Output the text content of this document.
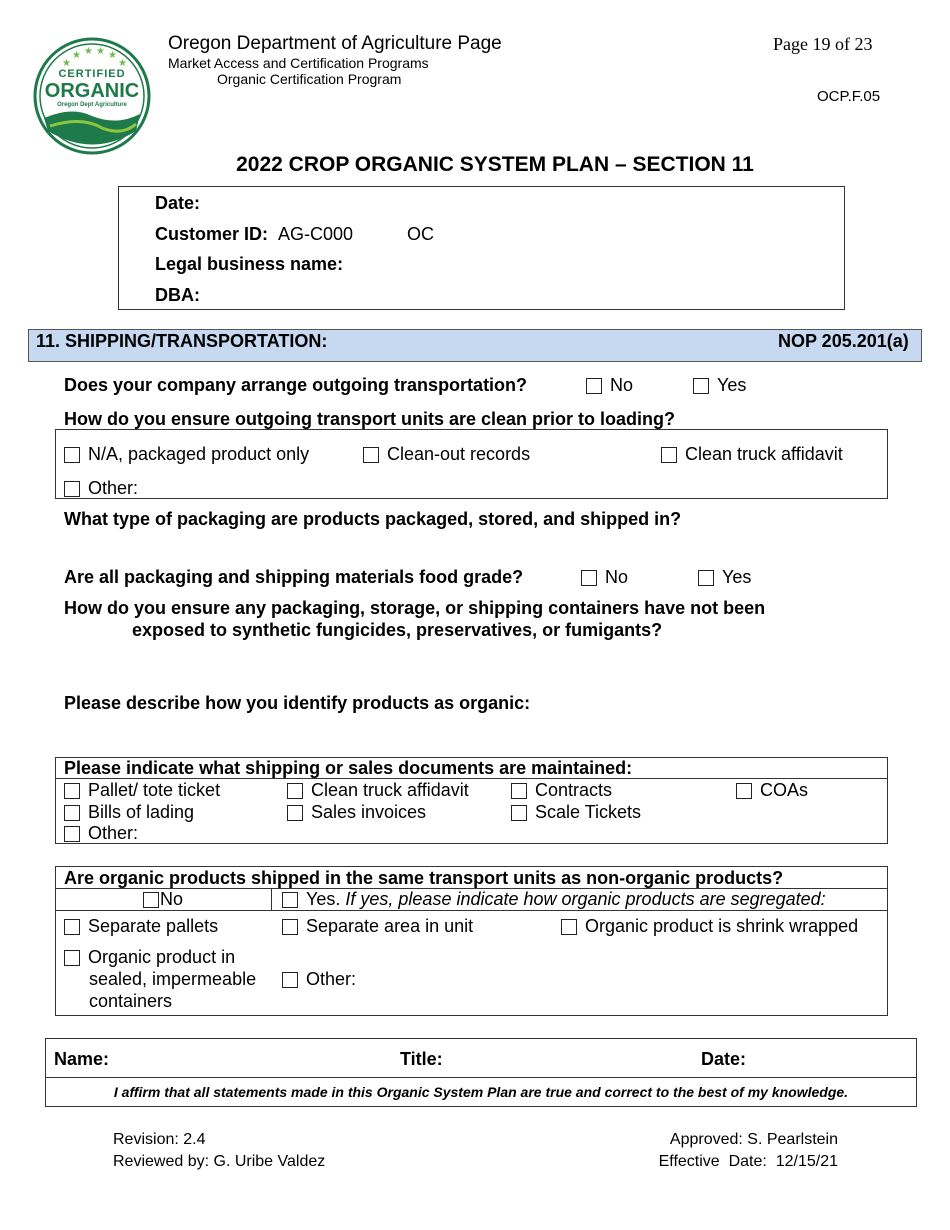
★ ★ ★ ★
★	★
CERTIFIED
ORGANIC
Oregon Dept Agriculture
Oregon Department of Agriculture Page
Market Access and Certification Programs
Organic Certification Program
Page 19 of 23
OCP.F.05
2022 CROP ORGANIC SYSTEM PLAN – SECTION 11
Date:
Customer ID: AG-C000	OC
Legal business name:
DBA:
11. SHIPPING/TRANSPORTATION:	NOP 205.201(a)
Does your company arrange outgoing transportation?	No	Yes
How do you ensure outgoing transport units are clean prior to loading?
N/A, packaged product only	Clean-out records	Clean truck affidavit
Other:
What type of packaging are products packaged, stored, and shipped in?
Are all packaging and shipping materials food grade?	No	Yes
How do you ensure any packaging, storage, or shipping containers have not been
exposed to synthetic fungicides, preservatives, or fumigants?
Please describe how you identify products as organic:
Please indicate what shipping or sales documents are maintained:
Pallet/ tote ticket	Clean truck affidavit	Contracts	COAs
Bills of lading	Sales invoices	Scale Tickets
Other:
Are organic products shipped in the same transport units as non-organic products?
No	Yes. If yes, please indicate how organic products are segregated:
Separate pallets	Separate area in unit	Organic product is shrink wrapped
Organic product in
sealed, impermeable
containers
Other:
Name:	Title:	Date:
I affirm that all statements made in this Organic System Plan are true and correct to the best of my knowledge.
Revision: 2.4
Reviewed by: G. Uribe Valdez
Approved: S. Pearlstein
Effective  Date:  12/15/21
